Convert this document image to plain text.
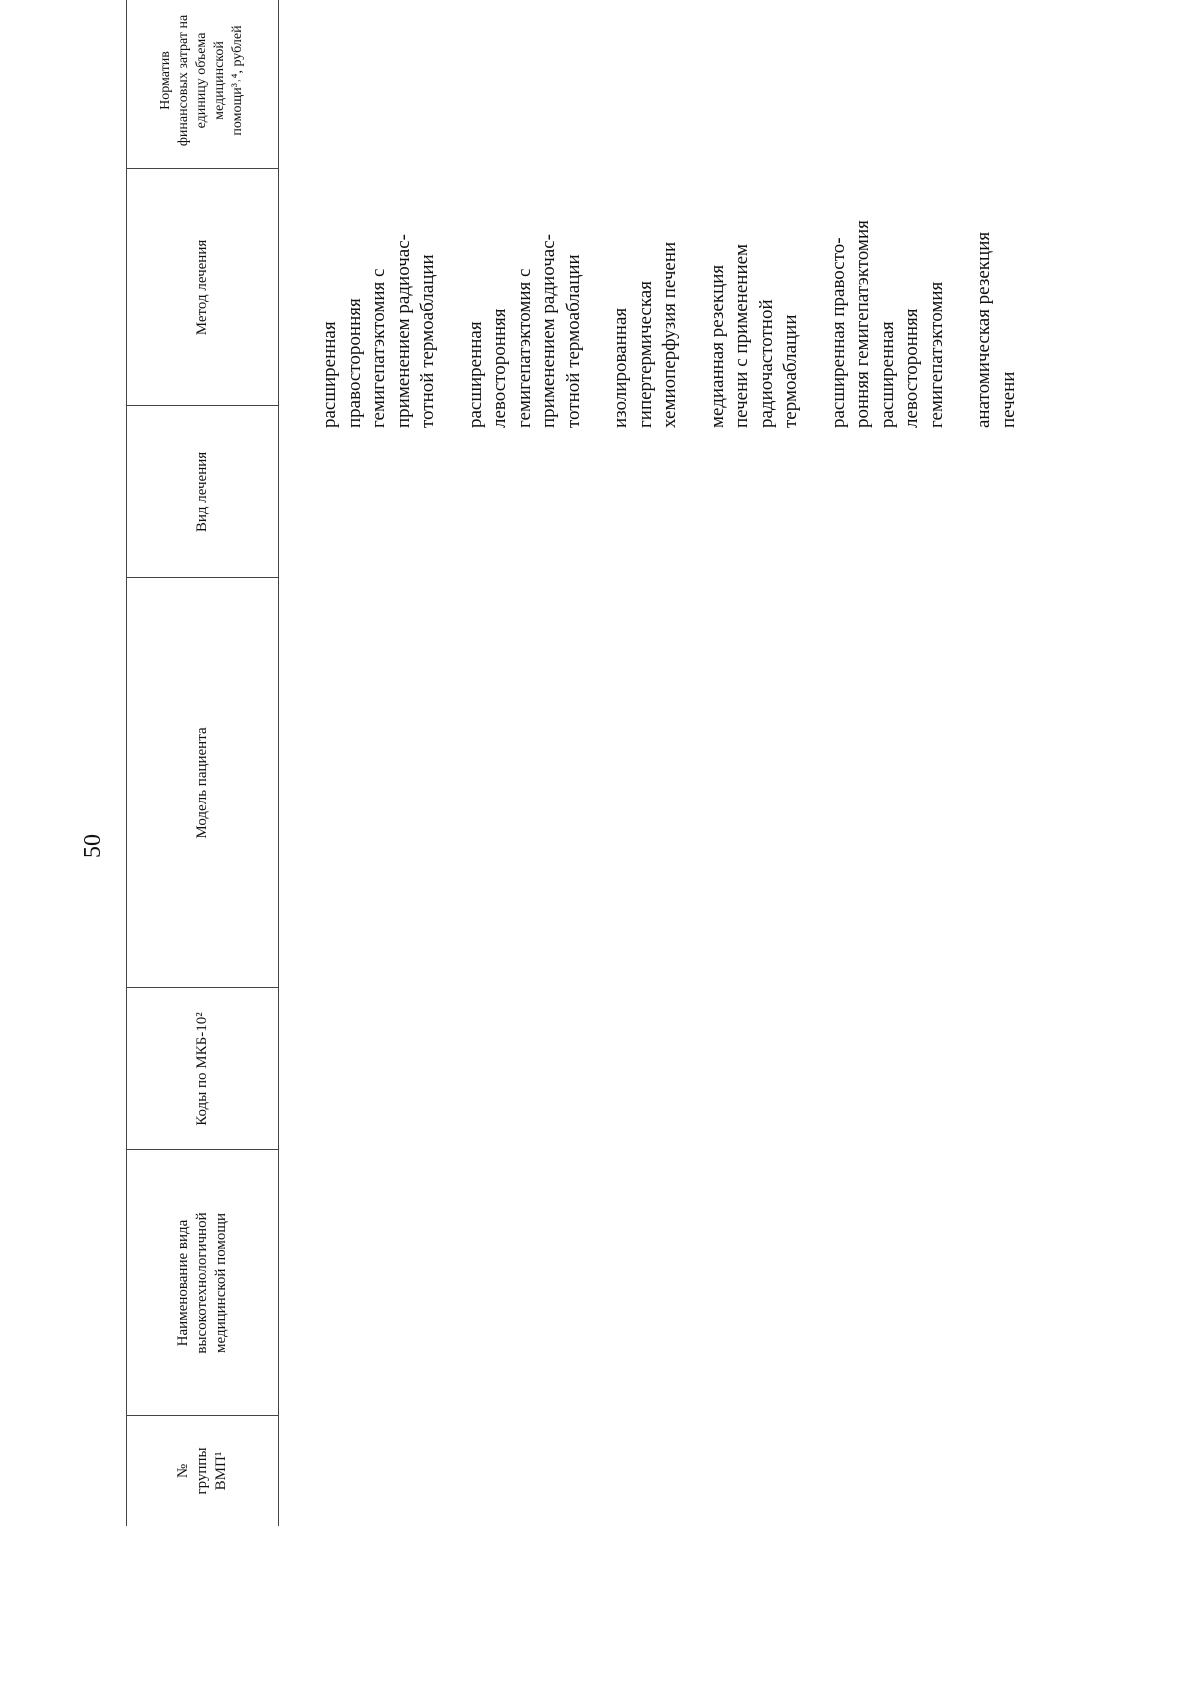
50
№ группы ВМП¹
Наименование вида высокотехнологичной медицинской помощи
Коды по МКБ-10²
Модель пациента
Вид лечения
Метод лечения
Норматив финансовых затрат на единицу объема медицинской помощи³˒⁴, рублей
расширенная
правосторонняя
гемигепатэктомия с
применением радиочас-
тотной термоаблации
расширенная
левосторонняя
гемигепатэктомия с
применением радиочас-
тотной термоаблации изолированная
гипертермическая
хемиоперфузия печени
медианная резекция
печени с применением
радиочастотной
термоаблации расширенная правосто-
ронняя гемигепатэктомия
расширенная
левосторонняя
гемигепатэктомия анатомическая резекция
печени
